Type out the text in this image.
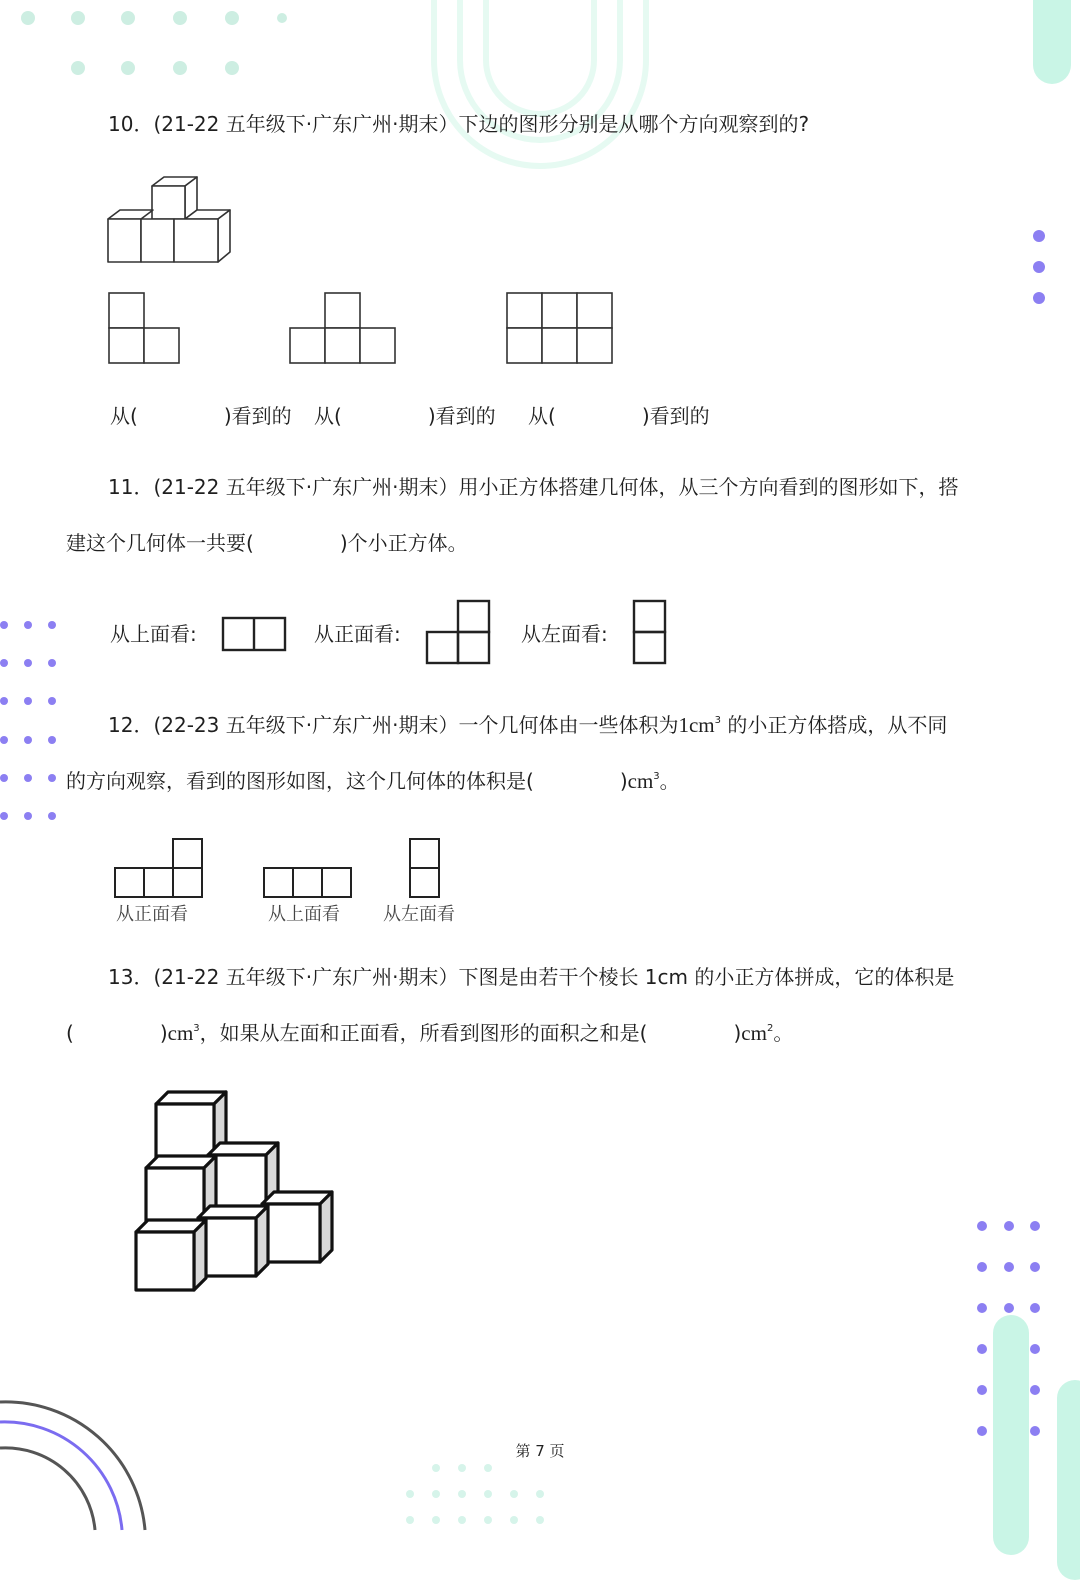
10．(21-22 五年级下·广东广州·期末）下边的图形分别是从哪个方向观察到的?
从(	)看到的 从(	)看到的 从(	)看到的
11．(21-22 五年级下·广东广州·期末）用小正方体搭建几何体，从三个方向看到的图形如下，搭
建这个几何体一共要(	)个小正方体。
从上面看:	从正面看:	从左面看:
12．(22-23 五年级下·广东广州·期末）一个几何体由一些体积为$1cm^3$ 的小正方体搭成，从不同
的方向观察，看到的图形如图，这个几何体的体积是(	)$cm^3$。
从正面看	从上面看 从左面看
13．(21-22 五年级下·广东广州·期末）下图是由若干个棱长 1cm 的小正方体拼成，它的体积是
(	)$cm^3$，如果从左面和正面看，所看到图形的面积之和是(	)$cm^2$。
第 7 页
